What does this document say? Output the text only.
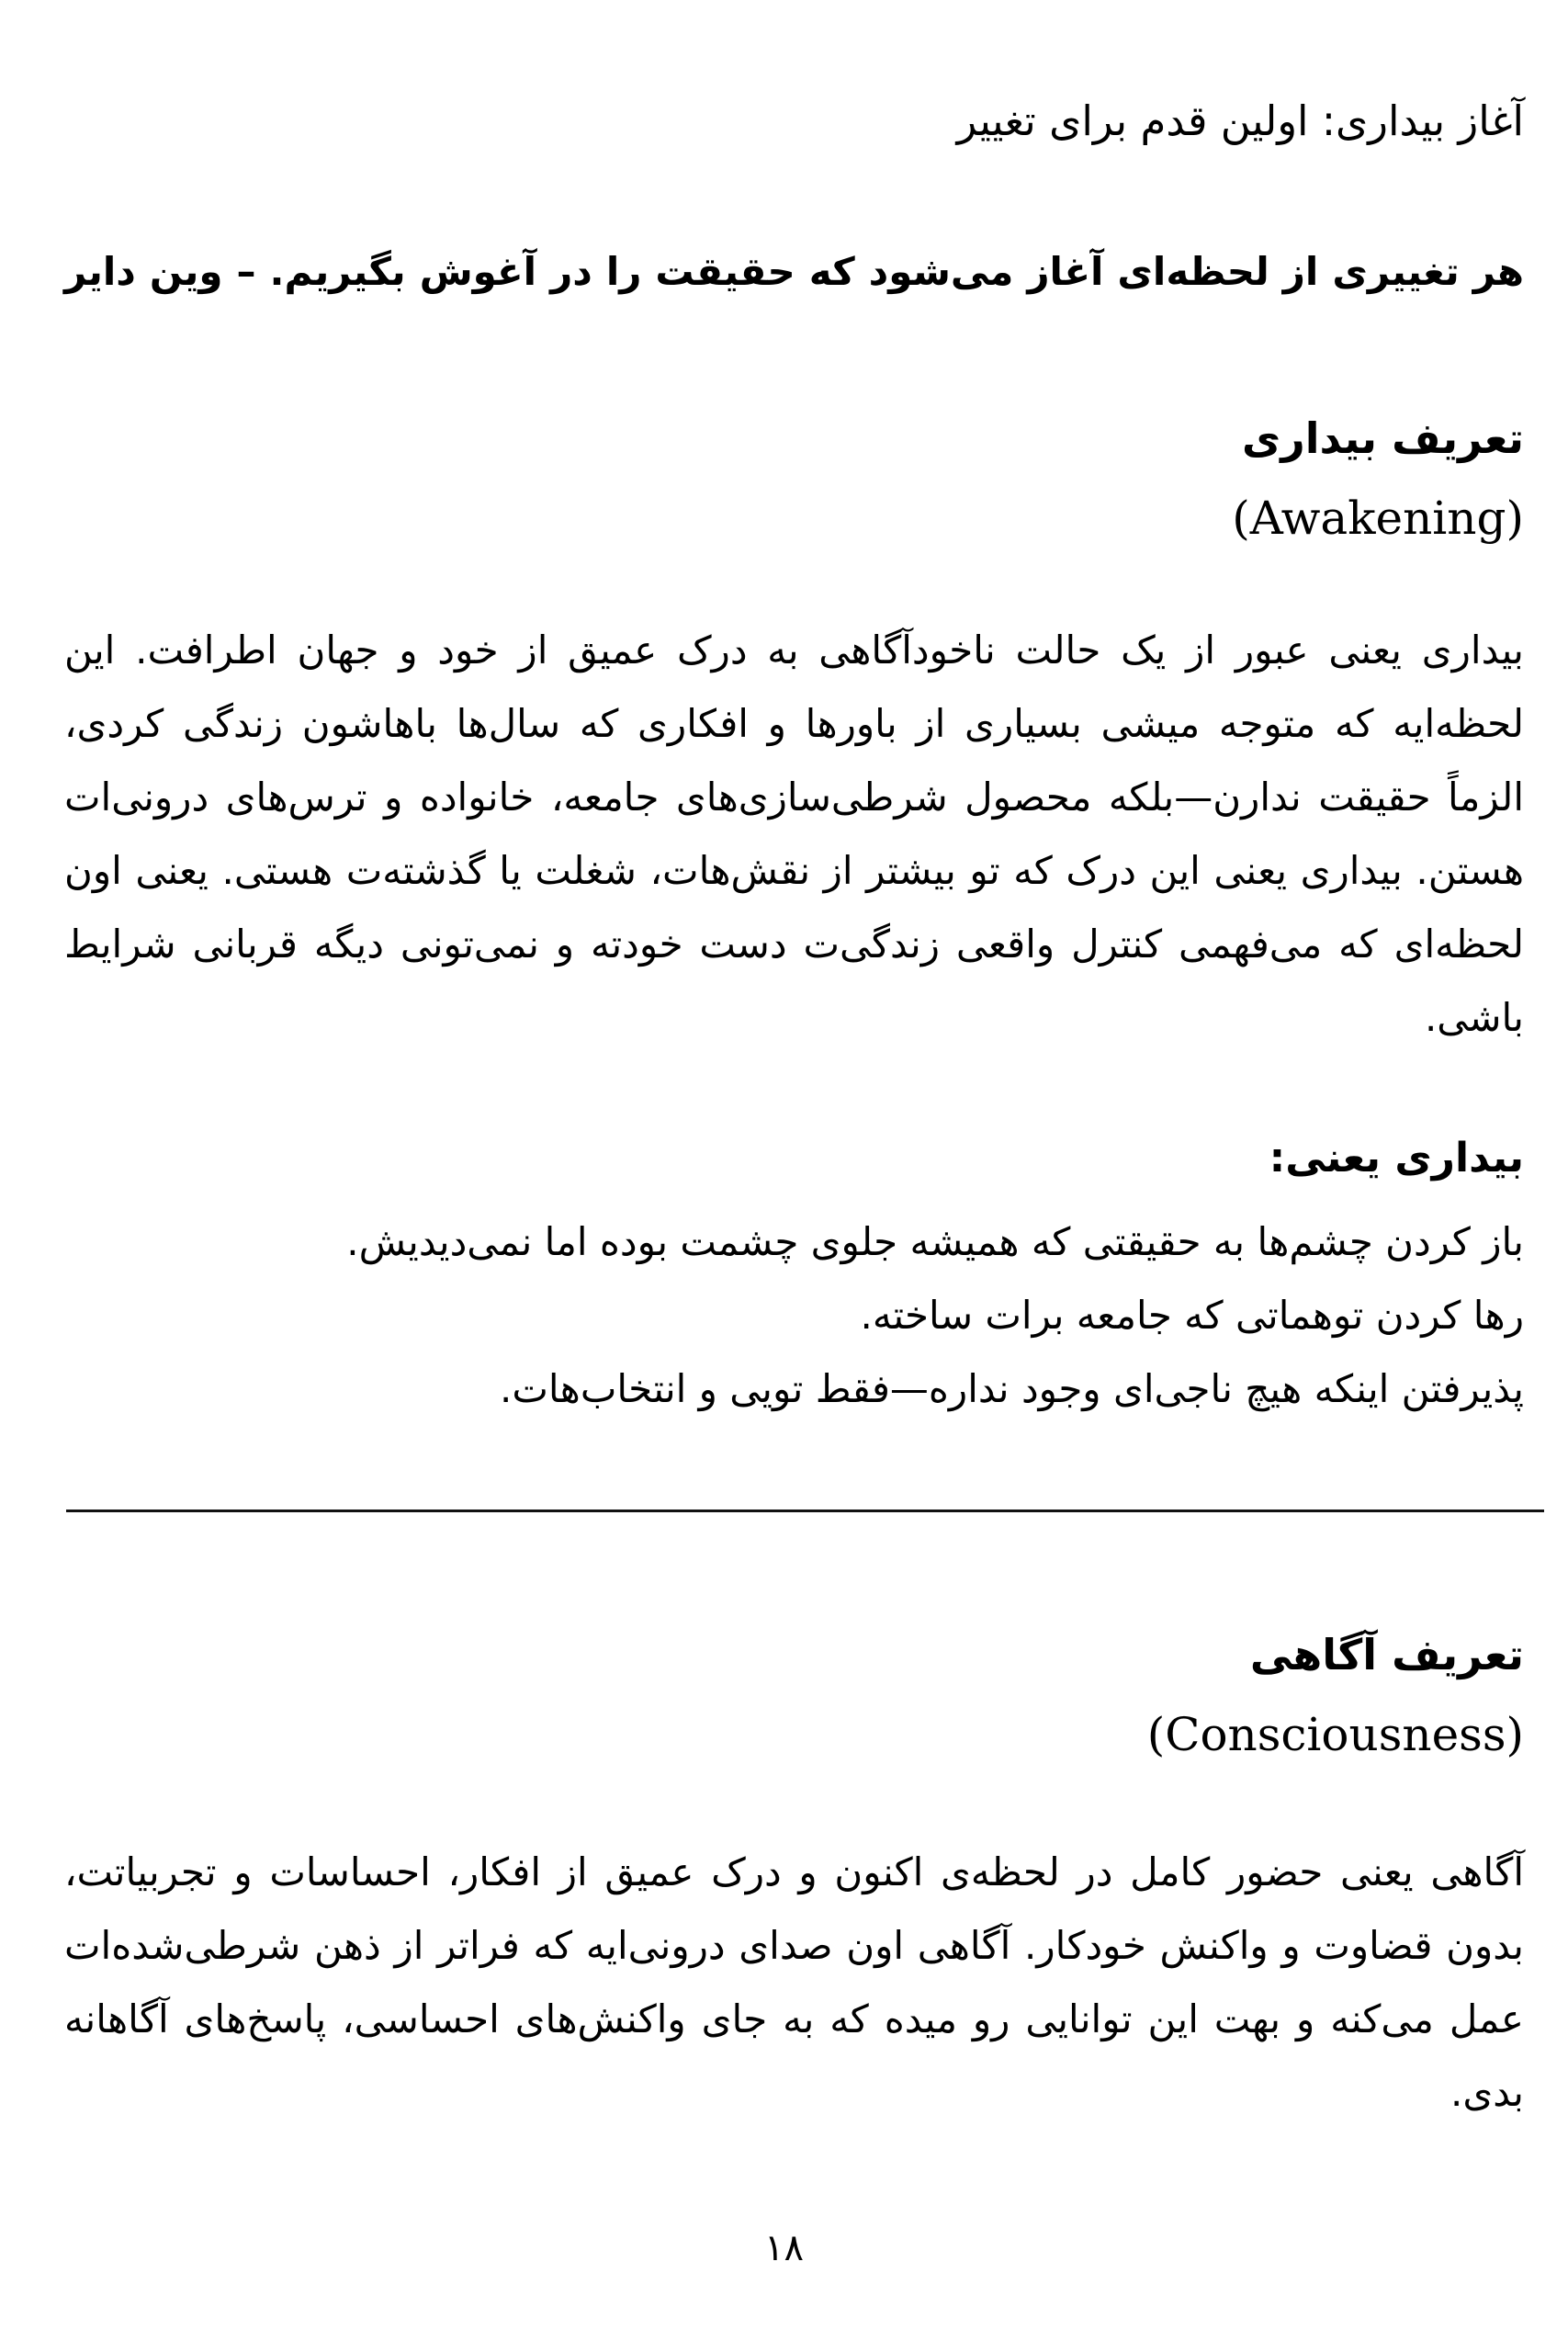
آغاز بیداری: اولین قدم برای تغییر
هر تغییری از لحظه‌ای آغاز می‌شود که حقیقت را در آغوش بگیریم. – وین دایر
تعریف بیداری
(Awakening)
بیداری یعنی عبور از یک حالت ناخودآگاهی به درک عمیق از خود و جهان اطرافت. این لحظه‌ایه که متوجه میشی بسیاری از باورها و افکاری که سال‌ها باهاشون زندگی کردی، الزماً حقیقت ندارن—بلکه محصول شرطی‌سازی‌های جامعه، خانواده و ترس‌های درونی‌ات هستن. بیداری یعنی این درک که تو بیشتر از نقش‌هات، شغلت یا گذشته‌ت هستی. یعنی اون لحظه‌ای که می‌فهمی کنترل واقعی زندگی‌ت دست خودته و نمی‌تونی دیگه قربانی شرایط باشی.
بیداری یعنی:
باز کردن چشم‌ها به حقیقتی که همیشه جلوی چشمت بوده اما نمی‌دیدیش.
رها کردن توهماتی که جامعه برات ساخته.
پذیرفتن اینکه هیچ ناجی‌ای وجود نداره—فقط تویی و انتخاب‌هات.
تعریف آگاهی
(Consciousness)
آگاهی یعنی حضور کامل در لحظه‌ی اکنون و درک عمیق از افکار، احساسات و تجربیاتت، بدون قضاوت و واکنش خودکار. آگاهی اون صدای درونی‌ایه که فراتر از ذهن شرطی‌شده‌ات عمل می‌کنه و بهت این توانایی رو میده که به جای واکنش‌های احساسی، پاسخ‌های آگاهانه بدی.
۱۸
